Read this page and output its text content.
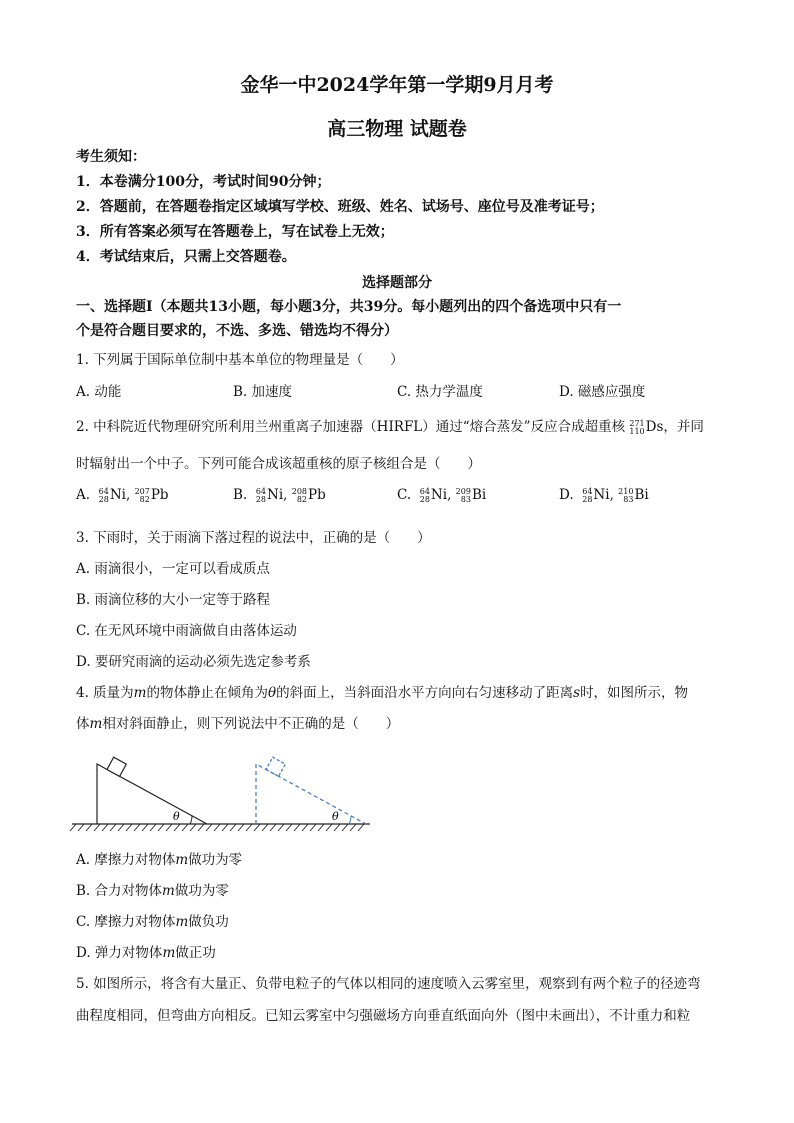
金华一中2024学年第一学期9月月考
高三物理 试题卷
考生须知：
1．本卷满分100分，考试时间90分钟；
2．答题前，在答题卷指定区域填写学校、班级、姓名、试场号、座位号及准考证号；
3．所有答案必须写在答题卷上，写在试卷上无效；
4．考试结束后，只需上交答题卷。
选择题部分
一、选择题Ⅰ（本题共13小题，每小题3分，共39分。每小题列出的四个备选项中只有一
个是符合题目要求的，不选、多选、错选均不得分）
1. 下列属于国际单位制中基本单位的物理量是（　　）
A. 动能	B. 加速度	C. 热力学温度	D. 磁感应强度
2. 中科院近代物理研究所利用兰州重离子加速器（HIRFL）通过“熔合蒸发”反应合成超重核 271
110 Ds，并同
时辐射出一个中子。下列可能合成该超重核的原子核组合是（　　）
A. 64
28 Ni, 207
82 Pb	B. 64
28 Ni, 208
82 Pb	C. 64
28 Ni, 209
83 Bi	D. 64
28 Ni, 210
83 Bi
3. 下雨时，关于雨滴下落过程的说法中，正确的是（　　）
A. 雨滴很小，一定可以看成质点
B. 雨滴位移的大小一定等于路程
C. 在无风环境中雨滴做自由落体运动
D. 要研究雨滴的运动必须先选定参考系
4. 质量为m的物体静止在倾角为θ的斜面上，当斜面沿水平方向向右匀速移动了距离s时，如图所示，物
体m相对斜面静止，则下列说法中不正确的是（　　）
θ	θ
A. 摩擦力对物体m做功为零
B. 合力对物体m做功为零
C. 摩擦力对物体m做负功
D. 弹力对物体m做正功
5. 如图所示，将含有大量正、负带电粒子的气体以相同的速度喷入云雾室里，观察到有两个粒子的径迹弯
曲程度相同，但弯曲方向相反。已知云雾室中匀强磁场方向垂直纸面向外（图中未画出），不计重力和粒
